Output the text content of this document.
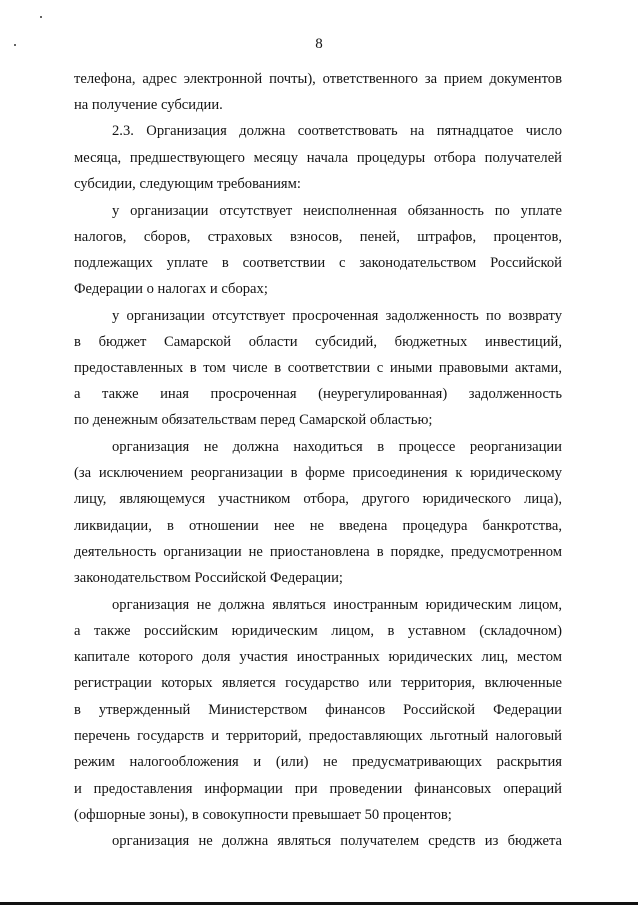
8
телефона, адрес электронной почты), ответственного за прием документов
на получение субсидии.
2.3. Организация должна соответствовать на пятнадцатое число
месяца, предшествующего месяцу начала процедуры отбора получателей
субсидии, следующим требованиям:
у организации отсутствует неисполненная обязанность по уплате
налогов, сборов, страховых взносов, пеней, штрафов, процентов,
подлежащих уплате в соответствии с законодательством Российской
Федерации о налогах и сборах;
у организации отсутствует просроченная задолженность по возврату
в бюджет Самарской области субсидий, бюджетных инвестиций,
предоставленных в том числе в соответствии с иными правовыми актами,
а также иная просроченная (неурегулированная) задолженность
по денежным обязательствам перед Самарской областью;
организация не должна находиться в процессе реорганизации
(за исключением реорганизации в форме присоединения к юридическому
лицу, являющемуся участником отбора, другого юридического лица),
ликвидации, в отношении нее не введена процедура банкротства,
деятельность организации не приостановлена в порядке, предусмотренном
законодательством Российской Федерации;
организация не должна являться иностранным юридическим лицом,
а также российским юридическим лицом, в уставном (складочном)
капитале которого доля участия иностранных юридических лиц, местом
регистрации которых является государство или территория, включенные
в утвержденный Министерством финансов Российской Федерации
перечень государств и территорий, предоставляющих льготный налоговый
режим налогообложения и (или) не предусматривающих раскрытия
и предоставления информации при проведении финансовых операций
(офшорные зоны), в совокупности превышает 50 процентов;
организация не должна являться получателем средств из бюджета
